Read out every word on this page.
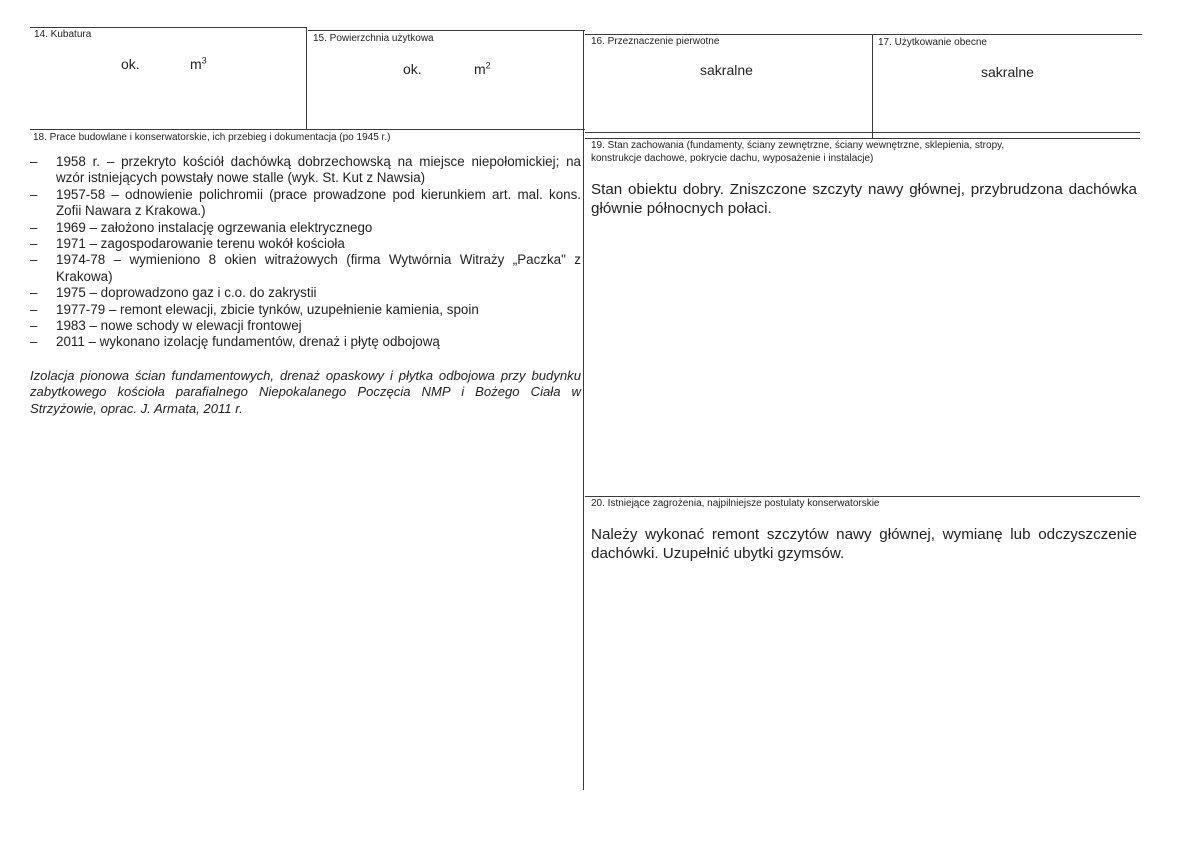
14. Kubatura
ok.	$m^3$
15. Powierzchnia użytkowa
ok.	$m^2$
16. Przeznaczenie pierwotne
sakralne
17. Użytkowanie obecne
sakralne
18. Prace budowlane i konserwatorskie, ich przebieg i dokumentacja (po 1945 r.)
– 1958 r. – przekryto kościół dachówką dobrzechowską na miejsce niepołomickiej; na wzór istniejących powstały nowe stalle (wyk. St. Kut z Nawsia)
– 1957-58 – odnowienie polichromii (prace prowadzone pod kierunkiem art. mal. kons. Zofii Nawara z Krakowa.)
– 1969 – założono instalację ogrzewania elektrycznego
– 1971 – zagospodarowanie terenu wokół kościoła
– 1974-78 – wymieniono 8 okien witrażowych (firma Wytwórnia Witraży „Paczka" z Krakowa)
– 1975 – doprowadzono gaz i c.o. do zakrystii
– 1977-79 – remont elewacji, zbicie tynków, uzupełnienie kamienia, spoin
– 1983 – nowe schody w elewacji frontowej
– 2011 – wykonano izolację fundamentów, drenaż i płytę odbojową
Izolacja pionowa ścian fundamentowych, drenaż opaskowy i płytka odbojowa przy budynku zabytkowego kościoła parafialnego Niepokalanego Poczęcia NMP i Bożego Ciała w Strzyżowie, oprac. J. Armata, 2011 r.
19. Stan zachowania (fundamenty, ściany zewnętrzne, ściany wewnętrzne, sklepienia, stropy,
konstrukcje dachowe, pokrycie dachu, wyposażenie i instalacje)
Stan obiektu dobry. Zniszczone szczyty nawy głównej, przybrudzona dachówka głównie północnych połaci.
20. Istniejące zagrożenia, najpilniejsze postulaty konserwatorskie
Należy wykonać remont szczytów nawy głównej, wymianę lub odczyszczenie dachówki. Uzupełnić ubytki gzymsów.
